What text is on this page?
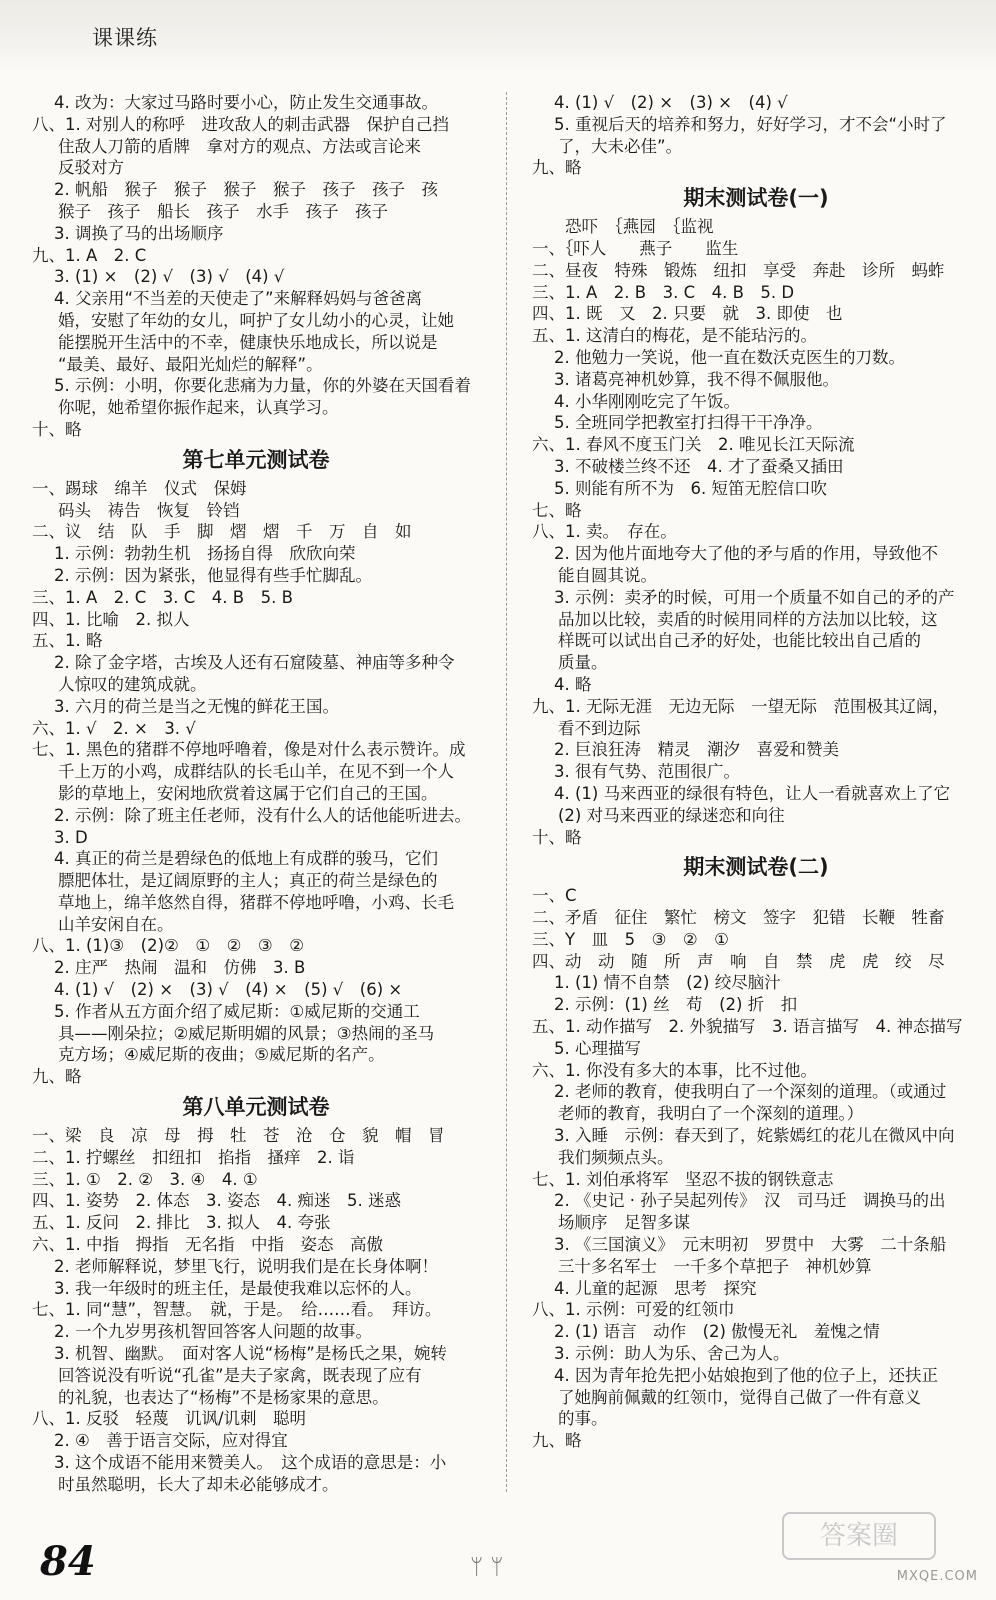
课课练
4. 改为：大家过马路时要小心，防止发生交通事故。
八、1. 对别人的称呼　进攻敌人的刺击武器　保护自己挡
住敌人刀箭的盾牌　拿对方的观点、方法或言论来
反驳对方
2. 帆船　猴子　猴子　猴子　猴子　孩子　孩子　孩
猴子　孩子　船长　孩子　水手　孩子　孩子
3. 调换了马的出场顺序
九、1. A　2. C
3. (1) ×　(2) √　(3) √　(4) √
4. 父亲用“不当差的天使走了”来解释妈妈与爸爸离
婚，安慰了年幼的女儿，呵护了女儿幼小的心灵，让她
能摆脱开生活中的不幸，健康快乐地成长，所以说是
“最美、最好、最阳光灿烂的解释”。
5. 示例：小明，你要化悲痛为力量，你的外婆在天国看着
你呢，她希望你振作起来，认真学习。
十、略
第七单元测试卷
一、踢球　绵羊　仪式　保姆
码头　祷告　恢复　铃铛
二、议　结　队　手　脚　熠　熠　千　万　自　如
1. 示例：勃勃生机　扬扬自得　欣欣向荣
2. 示例：因为紧张，他显得有些手忙脚乱。
三、1. A　2. C　3. C　4. B　5. B
四、1. 比喻　2. 拟人
五、1. 略
2. 除了金字塔，古埃及人还有石窟陵墓、神庙等多种令
人惊叹的建筑成就。
3. 六月的荷兰是当之无愧的鲜花王国。
六、1. √　2. ×　3. √
七、1. 黑色的猪群不停地呼噜着，像是对什么表示赞许。成
千上万的小鸡，成群结队的长毛山羊，在见不到一个人
影的草地上，安闲地欣赏着这属于它们自己的王国。
2. 示例：除了班主任老师，没有什么人的话他能听进去。
3. D
4. 真正的荷兰是碧绿色的低地上有成群的骏马，它们
膘肥体壮，是辽阔原野的主人；真正的荷兰是绿色的
草地上，绵羊悠然自得，猪群不停地呼噜，小鸡、长毛
山羊安闲自在。
八、1. (1)③　(2)②　①　②　③　②
2. 庄严　热闹　温和　仿佛　3. B
4. (1) √　(2) ×　(3) √　(4) ×　(5) √　(6) ×
5. 作者从五方面介绍了威尼斯：①威尼斯的交通工
具——刚朵拉；②威尼斯明媚的风景；③热闹的圣马
克方场；④威尼斯的夜曲；⑤威尼斯的名产。
九、略
第八单元测试卷
一、梁　良　凉　母　拇　牡　苍　沧　仓　貌　帽　冒
二、1. 拧螺丝　扣纽扣　掐指　搔痒　2. 诣
三、1. ①　2. ②　3. ④　4. ①
四、1. 姿势　2. 体态　3. 姿态　4. 痴迷　5. 迷惑
五、1. 反问　2. 排比　3. 拟人　4. 夸张
六、1. 中指　拇指　无名指　中指　姿态　高傲
2. 老师解释说，梦里飞行，说明我们是在长身体啊！
3. 我一年级时的班主任，是最使我难以忘怀的人。
七、1. 同“慧”，智慧。　就，于是。　给……看。　拜访。
2. 一个九岁男孩机智回答客人问题的故事。
3. 机智、幽默。　面对客人说“杨梅”是杨氏之果，婉转
回答说没有听说“孔雀”是夫子家禽，既表现了应有
的礼貌，也表达了“杨梅”不是杨家果的意思。
八、1. 反驳　轻蔑　讥讽/讥刺　聪明
2. ④　善于语言交际，应对得宜
3. 这个成语不能用来赞美人。　这个成语的意思是：小
时虽然聪明，长大了却未必能够成才。
4. (1) √　(2) ×　(3) ×　(4) √
5. 重视后天的培养和努力，好好学习，才不会“小时了
了，大未必佳”。
九、略
期末测试卷(一)
　　恐吓　｛燕园　｛监视
一、｛吓人　　燕子　　监生
二、昼夜　特殊　锻炼　纽扣　享受　奔赴　诊所　蚂蚱
三、1. A　2. B　3. C　4. B　5. D
四、1. 既　又　2. 只要　就　3. 即使　也
五、1. 这清白的梅花，是不能玷污的。
2. 他勉力一笑说，他一直在数沃克医生的刀数。
3. 诸葛亮神机妙算，我不得不佩服他。
4. 小华刚刚吃完了午饭。
5. 全班同学把教室打扫得干干净净。
六、1. 春风不度玉门关　2. 唯见长江天际流
3. 不破楼兰终不还　4. 才了蚕桑又插田
5. 则能有所不为　6. 短笛无腔信口吹
七、略
八、1. 卖。　存在。
2. 因为他片面地夸大了他的矛与盾的作用，导致他不
能自圆其说。
3. 示例：卖矛的时候，可用一个质量不如自己的矛的产
品加以比较，卖盾的时候用同样的方法加以比较，这
样既可以试出自己矛的好处，也能比较出自己盾的
质量。
4. 略
九、1. 无际无涯　无边无际　一望无际　范围极其辽阔，
看不到边际
2. 巨浪狂涛　精灵　潮汐　喜爱和赞美
3. 很有气势、范围很广。
4. (1) 马来西亚的绿很有特色，让人一看就喜欢上了它
(2) 对马来西亚的绿迷恋和向往
十、略
期末测试卷(二)
一、C
二、矛盾　征住　繁忙　榜文　签字　犯错　长鞭　牲畜
三、Y　皿　5　③　②　①
四、动　动　随　所　声　响　自　禁　虎　虎　绞　尽
1. (1) 情不自禁　(2) 绞尽脑汁
2. 示例：(1) 丝　苟　(2) 折　扣
五、1. 动作描写　2. 外貌描写　3. 语言描写　4. 神态描写
5. 心理描写
六、1. 你没有多大的本事，比不过他。
2. 老师的教育，使我明白了一个深刻的道理。（或通过
老师的教育，我明白了一个深刻的道理。）
3. 入睡　示例：春天到了，姹紫嫣红的花儿在微风中向
我们频频点头。
七、1. 刘伯承将军　坚忍不拔的钢铁意志
2. 《史记 · 孙子吴起列传》　汉　司马迁　调换马的出
场顺序　足智多谋
3. 《三国演义》　元末明初　罗贯中　大雾　二十条船
三十多名军士　一千多个草把子　神机妙算
4. 儿童的起源　思考　探究
八、1. 示例：可爱的红领巾
2. (1) 语言　动作　(2) 傲慢无礼　羞愧之情
3. 示例：助人为乐、舍己为人。
4. 因为青年抢先把小姑娘抱到了他的位子上，还扶正
了她胸前佩戴的红领巾，觉得自己做了一件有意义
的事。
九、略
84	ᛘ ᛘ
答案圈
MXQE.COM
